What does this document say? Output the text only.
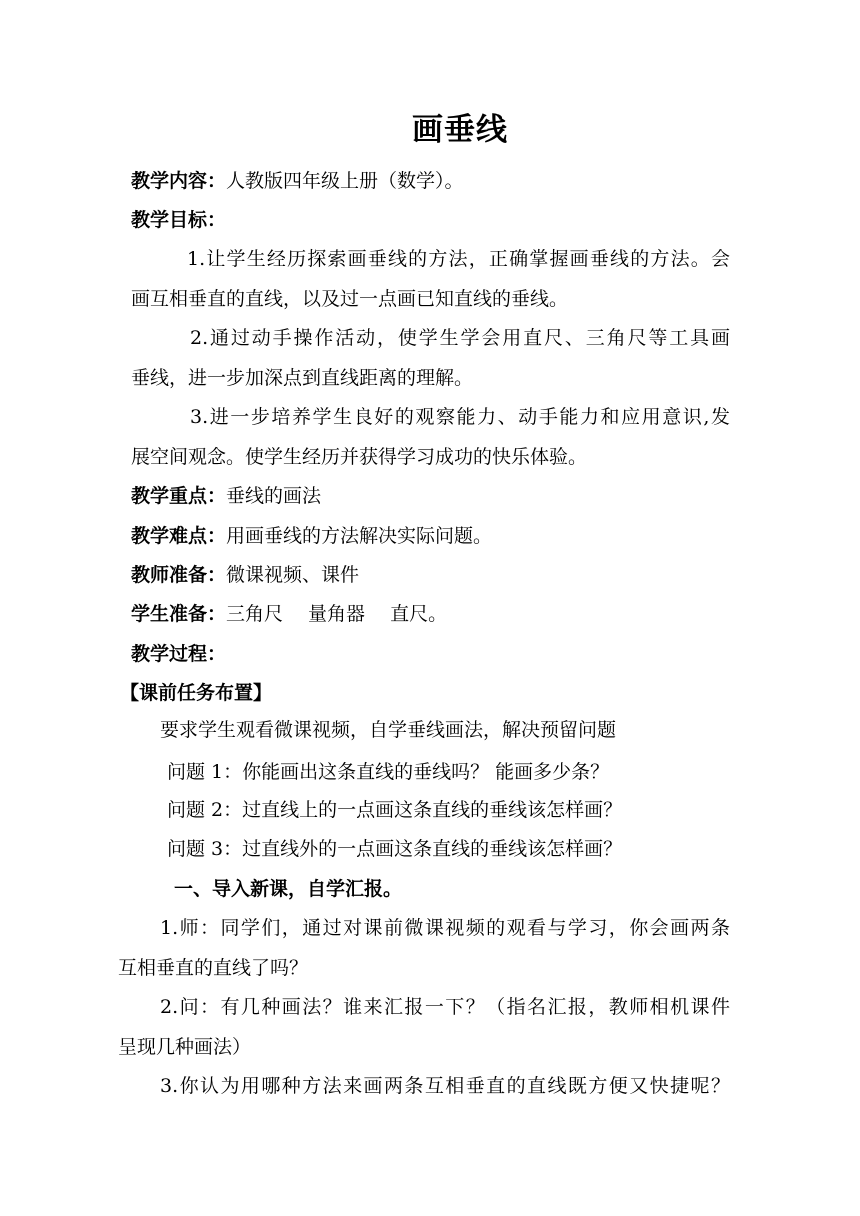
画垂线
教学内容：人教版四年级上册（数学）。
教学目标：
1.让学生经历探索画垂线的方法，正确掌握画垂线的方法。会
画互相垂直的直线，以及过一点画已知直线的垂线。
2.通过动手操作活动，使学生学会用直尺、三角尺等工具画
垂线，进一步加深点到直线距离的理解。
3.进一步培养学生良好的观察能力、动手能力和应用意识,发
展空间观念。使学生经历并获得学习成功的快乐体验。
教学重点：垂线的画法
教学难点：用画垂线的方法解决实际问题。
教师准备：微课视频、课件
学生准备：三角尺　 量角器　 直尺。
教学过程：
【课前任务布置】
要求学生观看微课视频，自学垂线画法，解决预留问题
问题 1：你能画出这条直线的垂线吗？ 能画多少条？
问题 2：过直线上的一点画这条直线的垂线该怎样画？
问题 3：过直线外的一点画这条直线的垂线该怎样画？
一、导入新课，自学汇报。
1.师：同学们，通过对课前微课视频的观看与学习，你会画两条
互相垂直的直线了吗？
2.问：有几种画法？谁来汇报一下？（指名汇报，教师相机课件
呈现几种画法）
3.你认为用哪种方法来画两条互相垂直的直线既方便又快捷呢？
